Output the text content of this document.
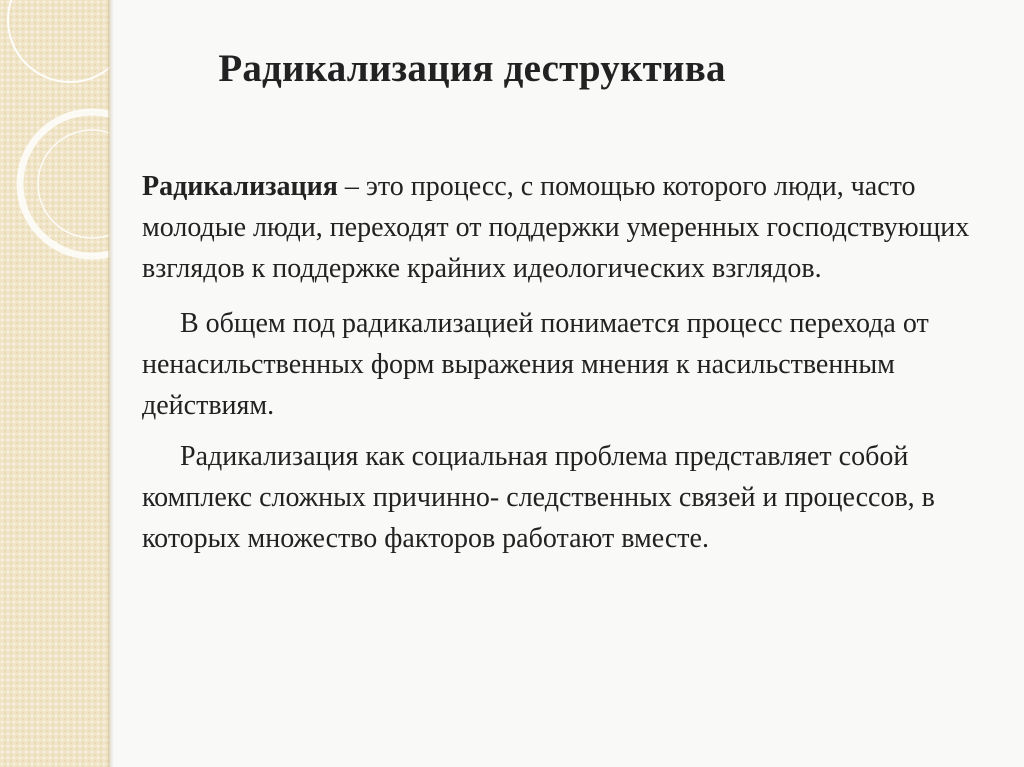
Радикализация деструктива

Радикализация – это процесс, с помощью которого люди, часто молодые люди, переходят от поддержки умеренных господствующих взглядов к поддержке крайних идеологических взглядов.

В общем под радикализацией понимается процесс перехода от ненасильственных форм выражения мнения к насильственным действиям.

Радикализация как социальная проблема представляет собой комплекс сложных причинно- следственных связей и процессов, в которых множество факторов работают вместе.
